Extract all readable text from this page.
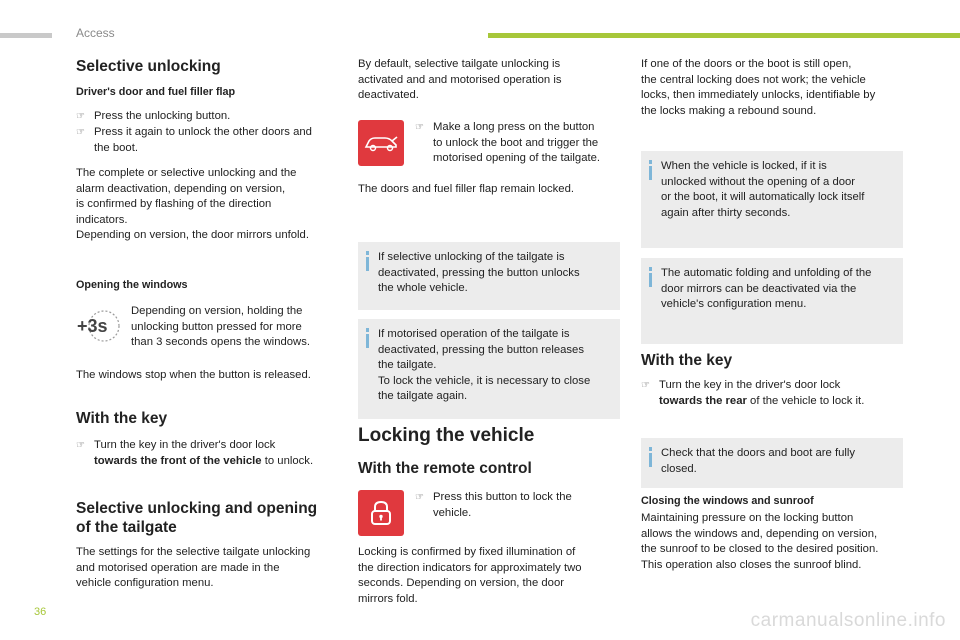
Access
Selective unlocking
Driver's door and fuel filler flap
☞ Press the unlocking button.
☞ Press it again to unlock the other doors and
the boot.
The complete or selective unlocking and the
alarm deactivation, depending on version,
is confirmed by flashing of the direction
indicators.
Depending on version, the door mirrors unfold.
Opening the windows
+3s
Depending on version, holding the
unlocking button pressed for more
than 3 seconds opens the windows.
The windows stop when the button is released.
With the key
☞ Turn the key in the driver's door lock
towards the front of the vehicle to unlock.
Selective unlocking and opening
of the tailgate
The settings for the selective tailgate unlocking
and motorised operation are made in the
vehicle configuration menu.
By default, selective tailgate unlocking is
activated and and motorised operation is
deactivated.
☞ Make a long press on the button
to unlock the boot and trigger the
motorised opening of the tailgate.
The doors and fuel filler flap remain locked.
If selective unlocking of the tailgate is
deactivated, pressing the button unlocks
the whole vehicle.
If motorised operation of the tailgate is
deactivated, pressing the button releases
the tailgate.
To lock the vehicle, it is necessary to close
the tailgate again.
Locking the vehicle
With the remote control
☞ Press this button to lock the
vehicle.
Locking is confirmed by fixed illumination of
the direction indicators for approximately two
seconds. Depending on version, the door
mirrors fold.
If one of the doors or the boot is still open,
the central locking does not work; the vehicle
locks, then immediately unlocks, identifiable by
the locks making a rebound sound.
When the vehicle is locked, if it is
unlocked without the opening of a door
or the boot, it will automatically lock itself
again after thirty seconds.
The automatic folding and unfolding of the
door mirrors can be deactivated via the
vehicle's configuration menu.
With the key
☞ Turn the key in the driver's door lock
towards the rear of the vehicle to lock it.
Check that the doors and boot are fully
closed.
Closing the windows and sunroof
Maintaining pressure on the locking button
allows the windows and, depending on version,
the sunroof to be closed to the desired position.
This operation also closes the sunroof blind.
36	carmanualsonline.info
